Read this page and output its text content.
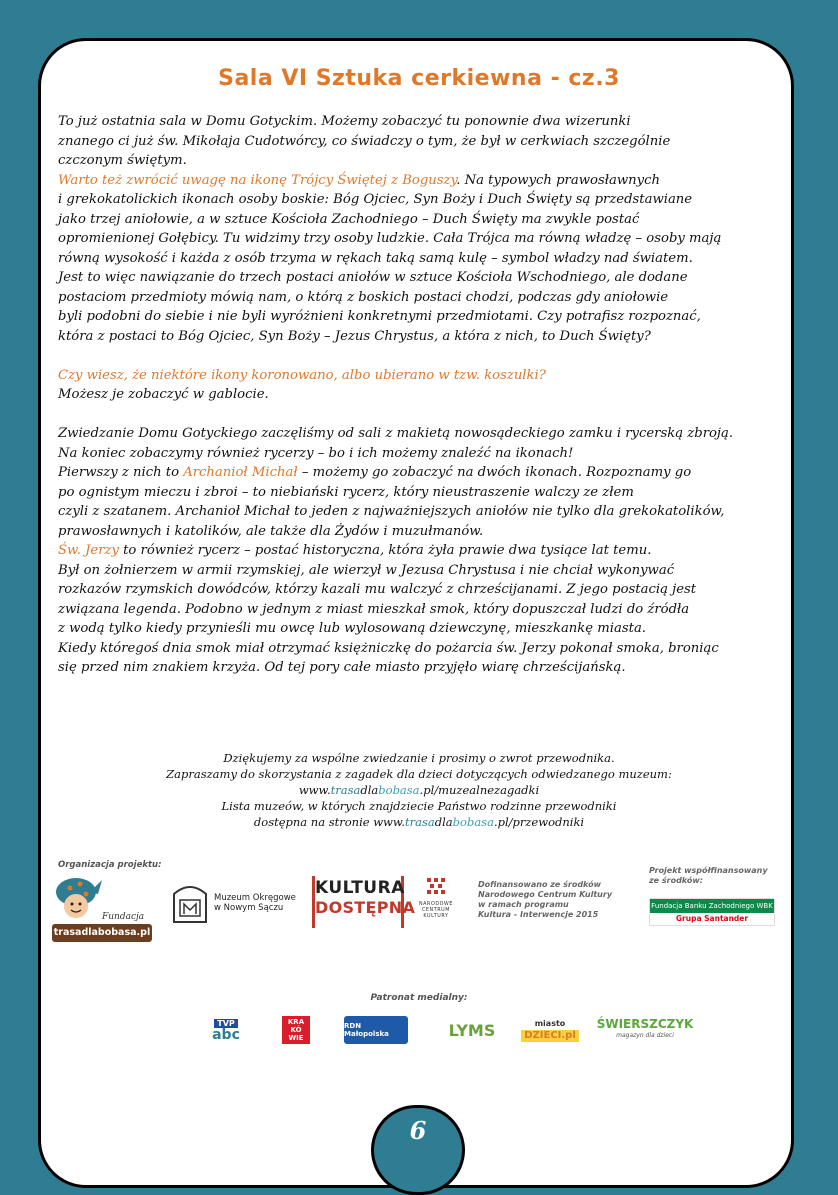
Sala VI Sztuka cerkiewna - cz.3
To już ostatnia sala w Domu Gotyckim. Możemy zobaczyć tu ponownie dwa wizerunki
znanego ci już św. Mikołaja Cudotwórcy, co świadczy o tym, że był w cerkwiach szczególnie
czczonym świętym.
Warto też zwrócić uwagę na ikonę Trójcy Świętej z Boguszy. Na typowych prawosławnych
i grekokatolickich ikonach osoby boskie: Bóg Ojciec, Syn Boży i Duch Święty są przedstawiane
jako trzej aniołowie, a w sztuce Kościoła Zachodniego – Duch Święty ma zwykle postać
opromienionej Gołębicy. Tu widzimy trzy osoby ludzkie. Cała Trójca ma równą władzę – osoby mają
równą wysokość i każda z osób trzyma w rękach taką samą kulę – symbol władzy nad światem.
Jest to więc nawiązanie do trzech postaci aniołów w sztuce Kościoła Wschodniego, ale dodane
postaciom przedmioty mówią nam, o którą z boskich postaci chodzi, podczas gdy aniołowie
byli podobni do siebie i nie byli wyróżnieni konkretnymi przedmiotami. Czy potrafisz rozpoznać,
która z postaci to Bóg Ojciec, Syn Boży – Jezus Chrystus, a która z nich, to Duch Święty?
Czy wiesz, że niektóre ikony koronowano, albo ubierano w tzw. koszulki?
Możesz je zobaczyć w gablocie.
Zwiedzanie Domu Gotyckiego zaczęliśmy od sali z makietą nowosądeckiego zamku i rycerską zbroją.
Na koniec zobaczymy również rycerzy – bo i ich możemy znaleźć na ikonach!
Pierwszy z nich to Archanioł Michał – możemy go zobaczyć na dwóch ikonach. Rozpoznamy go
po ognistym mieczu i zbroi – to niebiański rycerz, który nieustraszenie walczy ze złem
czyli z szatanem. Archanioł Michał to jeden z najważniejszych aniołów nie tylko dla grekokatolików,
prawosławnych i katolików, ale także dla Żydów i muzułmanów.
Św. Jerzy to również rycerz – postać historyczna, która żyła prawie dwa tysiące lat temu.
Był on żołnierzem w armii rzymskiej, ale wierzył w Jezusa Chrystusa i nie chciał wykonywać
rozkazów rzymskich dowódców, którzy kazali mu walczyć z chrześcijanami. Z jego postacią jest
związana legenda. Podobno w jednym z miast mieszkał smok, który dopuszczał ludzi do źródła
z wodą tylko kiedy przynieśli mu owcę lub wylosowaną dziewczynę, mieszkankę miasta.
Kiedy któregoś dnia smok miał otrzymać księżniczkę do pożarcia św. Jerzy pokonał smoka, broniąc
się przed nim znakiem krzyża. Od tej pory całe miasto przyjęło wiarę chrześcijańską.
Dziękujemy za wspólne zwiedzanie i prosimy o zwrot przewodnika.
Zapraszamy do skorzystania z zagadek dla dzieci dotyczących odwiedzanego muzeum:
www.trasadlabobasa.pl/muzealnezagadki
Lista muzeów, w których znajdziecie Państwo rodzinne przewodniki
dostępna na stronie www.trasadlabobasa.pl/przewodniki
Organizacja projektu:
Fundacja
trasadlabobasa.pl
Muzeum Okręgowe
w Nowym Sączu
KULTURA
DOSTĘPNA NARODOWE
CENTRUM
KULTURY
Dofinansowano ze środków
Narodowego Centrum Kultury
w ramach programu
Kultura - Interwencje 2015
Projekt współfinansowany
ze środków:
Fundacja Banku Zachodniego WBK
Grupa Santander
Patronat medialny:
TVP
abc
KRA
KÓ
WIE
RDN Małopolska	LYMS	miasto
DZIECI.pl
ŚWIERSZCZYK
magazyn dla dzieci
6
